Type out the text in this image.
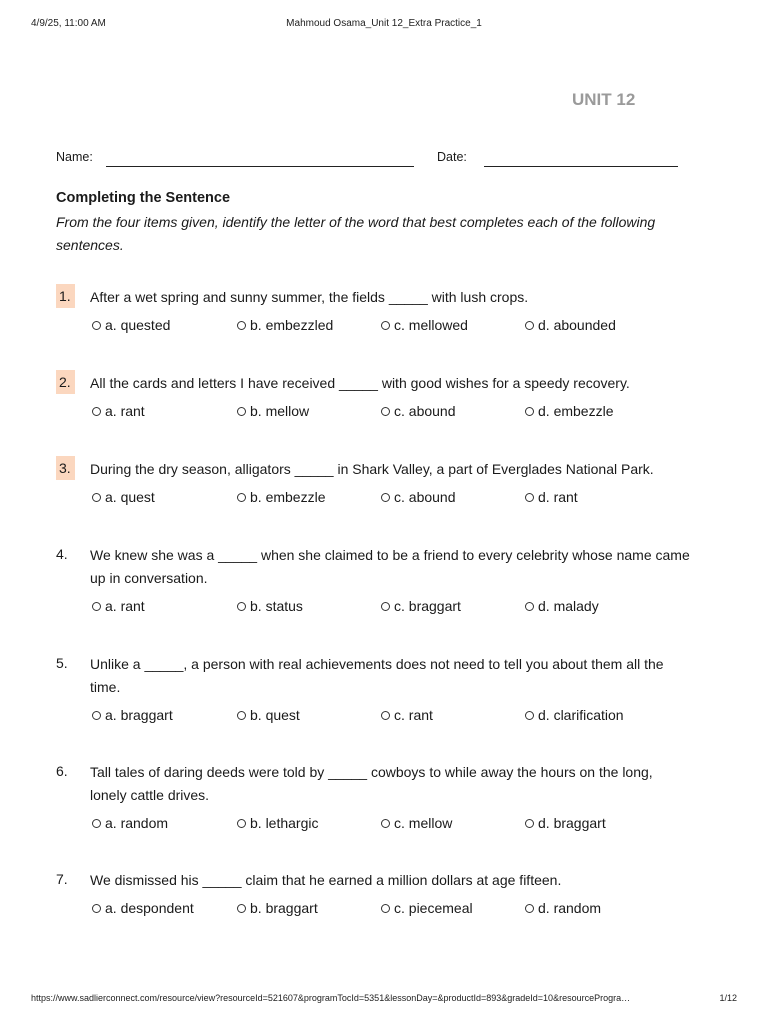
4/9/25, 11:00 AM	Mahmoud Osama_Unit 12_Extra Practice_1
UNIT 12
Name:	Date:
Completing the Sentence
From the four items given, identify the letter of the word that best completes each of the following sentences.
1.	After a wet spring and sunny summer, the fields _____ with lush crops.
a. quested	b. embezzled	c. mellowed	d. abounded
2.	All the cards and letters I have received _____ with good wishes for a speedy recovery.
a. rant	b. mellow	c. abound	d. embezzle
3.	During the dry season, alligators _____ in Shark Valley, a part of Everglades National Park.
a. quest	b. embezzle	c. abound	d. rant
4.	We knew she was a _____ when she claimed to be a friend to every celebrity whose name came up in conversation.
a. rant	b. status	c. braggart	d. malady
5.	Unlike a _____, a person with real achievements does not need to tell you about them all the time.
a. braggart	b. quest	c. rant	d. clarification
6.	Tall tales of daring deeds were told by _____ cowboys to while away the hours on the long, lonely cattle drives.
a. random	b. lethargic	c. mellow	d. braggart
7.	We dismissed his _____ claim that he earned a million dollars at age fifteen.
a. despondent	b. braggart	c. piecemeal	d. random
https://www.sadlierconnect.com/resource/view?resourceId=521607&programTocId=5351&lessonDay=&productId=893&gradeId=10&resourceProgra…	1/12
